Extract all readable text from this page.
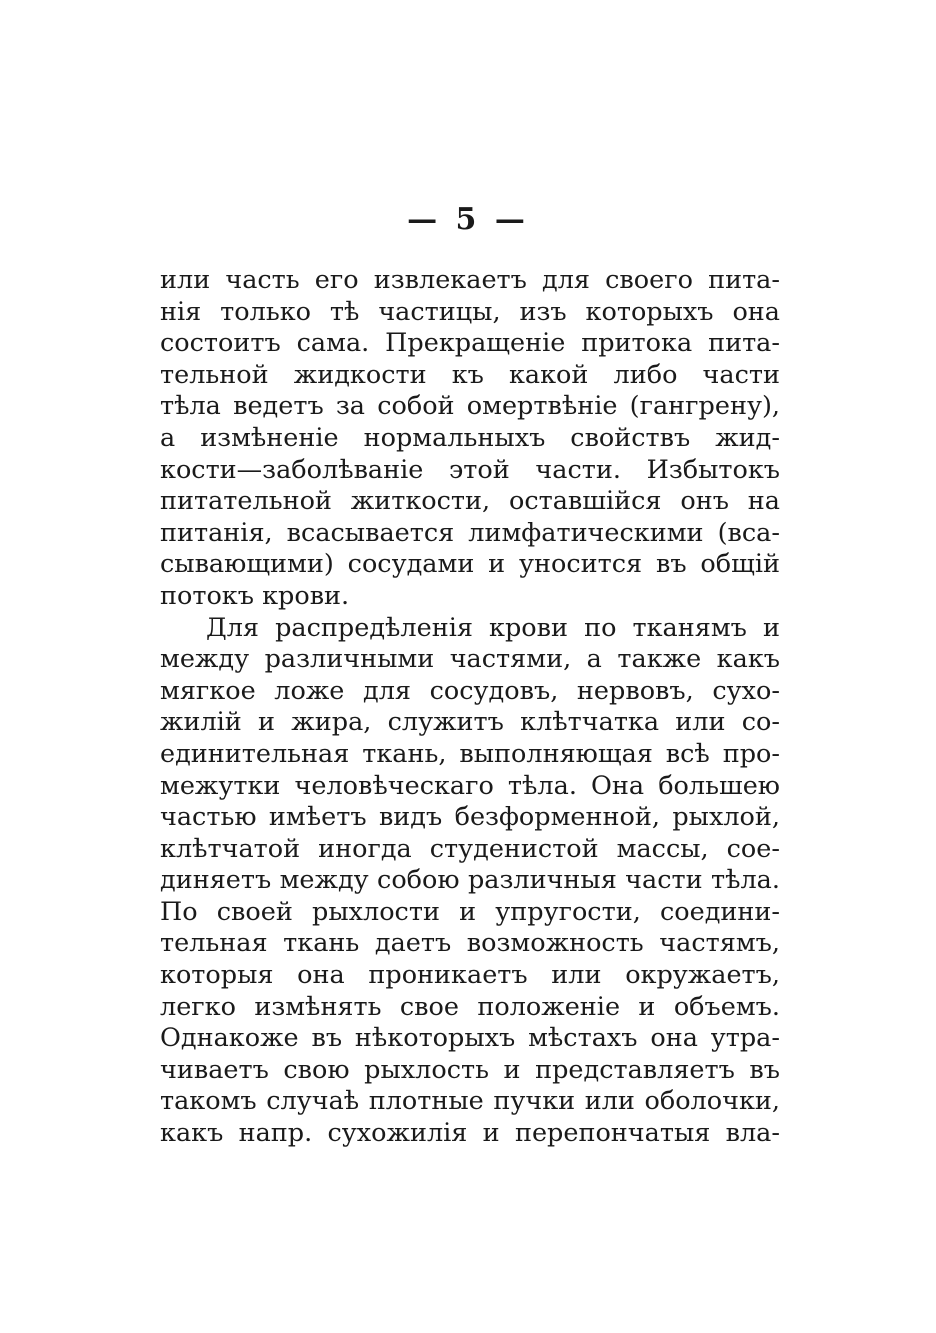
— 5 —
или часть его извлекаетъ для своего пита-
нія только тѣ частицы, изъ которыхъ она
состоитъ сама. Прекращеніе притока пита-
тельной жидкости къ какой либо части
тѣла ведетъ за собой омертвѣніе (гангрену),
а измѣненіе нормальныхъ свойствъ жид-
кости—заболѣваніе этой части. Избытокъ
питательной житкости, оставшійся онъ на
питанія, всасывается лимфатическими (вса-
сывающими) сосудами и уносится въ общій
потокъ крови.
Для распредѣленія крови по тканямъ и
между различными частями, а также какъ
мягкое ложе для сосудовъ, нервовъ, сухо-
жилій и жира, служитъ клѣтчатка или со-
единительная ткань, выполняющая всѣ про-
межутки человѣческаго тѣла. Она большею
частью имѣетъ видъ безформенной, рыхлой,
клѣтчатой иногда студенистой массы, сое-
диняетъ между собою различныя части тѣла.
По своей рыхлости и упругости, соедини-
тельная ткань даетъ возможность частямъ,
которыя она проникаетъ или окружаетъ,
легко измѣнять свое положеніе и объемъ.
Однакоже въ нѣкоторыхъ мѣстахъ она утра-
чиваетъ свою рыхлость и представляетъ въ
такомъ случаѣ плотные пучки или оболочки,
какъ напр. сухожилія и перепончатыя вла-
